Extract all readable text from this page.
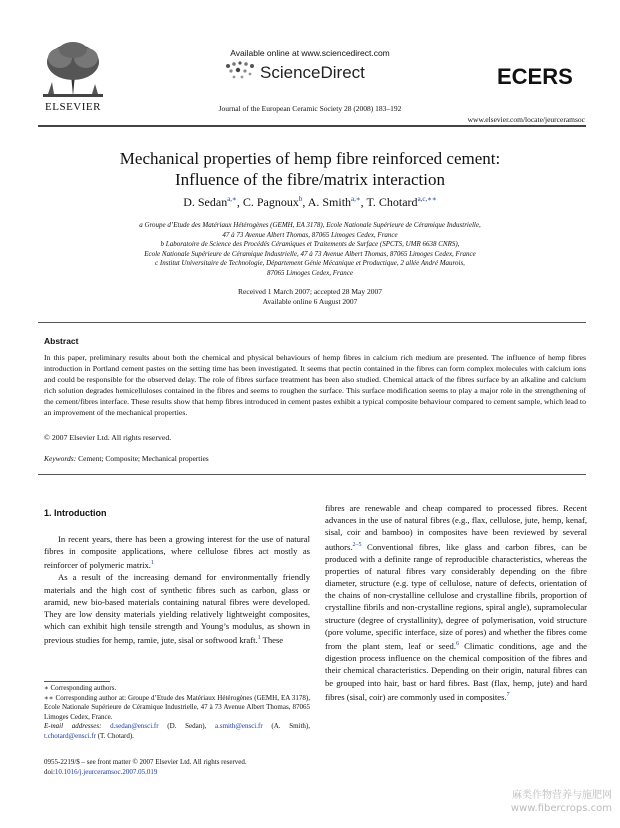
ELSEVIER
Available online at www.sciencedirect.com
ScienceDirect
Journal of the European Ceramic Society 28 (2008) 183–192
ECERS
www.elsevier.com/locate/jeurceramsoc
Mechanical properties of hemp fibre reinforced cement:
Influence of the fibre/matrix interaction
D. Sedan$^{a,∗}$, C. Pagnoux$^b$, A. Smith$^{a,∗}$, T. Chotard$^{a,c,∗∗}$
a Groupe d’Etude des Matériaux Hétérogènes (GEMH, EA 3178), Ecole Nationale Supérieure de Céramique Industrielle,
47 à 73 Avenue Albert Thomas, 87065 Limoges Cedex, France
b Laboratoire de Science des Procédés Céramiques et Traitements de Surface (SPCTS, UMR 6638 CNRS),
Ecole Nationale Supérieure de Céramique Industrielle, 47 à 73 Avenue Albert Thomas, 87065 Limoges Cedex, France
c Institut Universitaire de Technologie, Département Génie Mécanique et Productique, 2 allée André Maurois,
87065 Limoges Cedex, France
Received 1 March 2007; accepted 28 May 2007
Available online 6 August 2007
Abstract
In this paper, preliminary results about both the chemical and physical behaviours of hemp fibres in calcium rich medium are presented. The influence of hemp fibres introduction in Portland cement pastes on the setting time has been investigated. It seems that pectin contained in the fibres can form complex molecules with calcium ions and could be responsible for the observed delay. The role of fibres surface treatment has been also studied. Chemical attack of the fibres surface by an alkaline and calcium rich solution degrades hemicelluloses contained in the fibres and seems to roughen the surface. This surface modification seems to play a major role in the strengthening of the cement/fibres interface. These results show that hemp fibres introduced in cement pastes exhibit a typical composite behaviour compared to cement sample, which lead to an improvement of the mechanical properties.
© 2007 Elsevier Ltd. All rights reserved.
Keywords: Cement; Composite; Mechanical properties
1. Introduction

In recent years, there has been a growing interest for the use of natural fibres in composite applications, where cellulose fibres act mostly as reinforcer of polymeric matrix.$^1$

As a result of the increasing demand for environmentally friendly materials and the high cost of synthetic fibres such as carbon, glass or aramid, new bio-based materials containing natural fibres were developed. They are low density materials yielding relatively lightweight composites, which can exhibit high tensile strength and Young’s modulus, as shown in previous studies for hemp, ramie, jute, sisal or softwood kraft.$^1$ These

fibres are renewable and cheap compared to processed fibres. Recent advances in the use of natural fibres (e.g., flax, cellulose, jute, hemp, kenaf, sisal, coir and bamboo) in composites have been reviewed by several authors.$^{2-5}$ Conventional fibres, like glass and carbon fibres, can be produced with a definite range of reproducible characteristics, whereas the properties of natural fibres vary considerably depending on the fibre diameter, structure (e.g. type of cellulose, nature of defects, orientation of the chains of non-crystalline cellulose and crystalline fibrils, proportion of crystalline fibrils and non-crystalline regions, spiral angle), supramolecular structure (degree of crystallinity), degree of polymerisation, void structure (pore volume, specific interface, size of pores) and whether the fibres come from the plant stem, leaf or seed.$^6$ Climatic conditions, age and the digestion process influence on the chemical composition of the fibres and their chemical characteristics. Depending on their origin, natural fibres can be grouped into hair, bast or hard fibres. Bast (flax, hemp, jute) and hard fibres (sisal, coir) are commonly used in composites.$^7$

∗ Corresponding authors.

∗∗ Corresponding author at: Groupe d’Etude des Matériaux Hétérogènes (GEMH, EA 3178), Ecole Nationale Supérieure de Céramique Industrielle, 47 à 73 Avenue Albert Thomas, 87065 Limoges Cedex, France.

E-mail addresses: d.sedan@ensci.fr (D. Sedan), a.smith@ensci.fr (A. Smith), t.chotard@ensci.fr (T. Chotard).

0955-2219/$ – see front matter © 2007 Elsevier Ltd. All rights reserved.
doi:10.1016/j.jeurceramsoc.2007.05.019
麻类作物营养与施肥网
www.fibercrops.com
